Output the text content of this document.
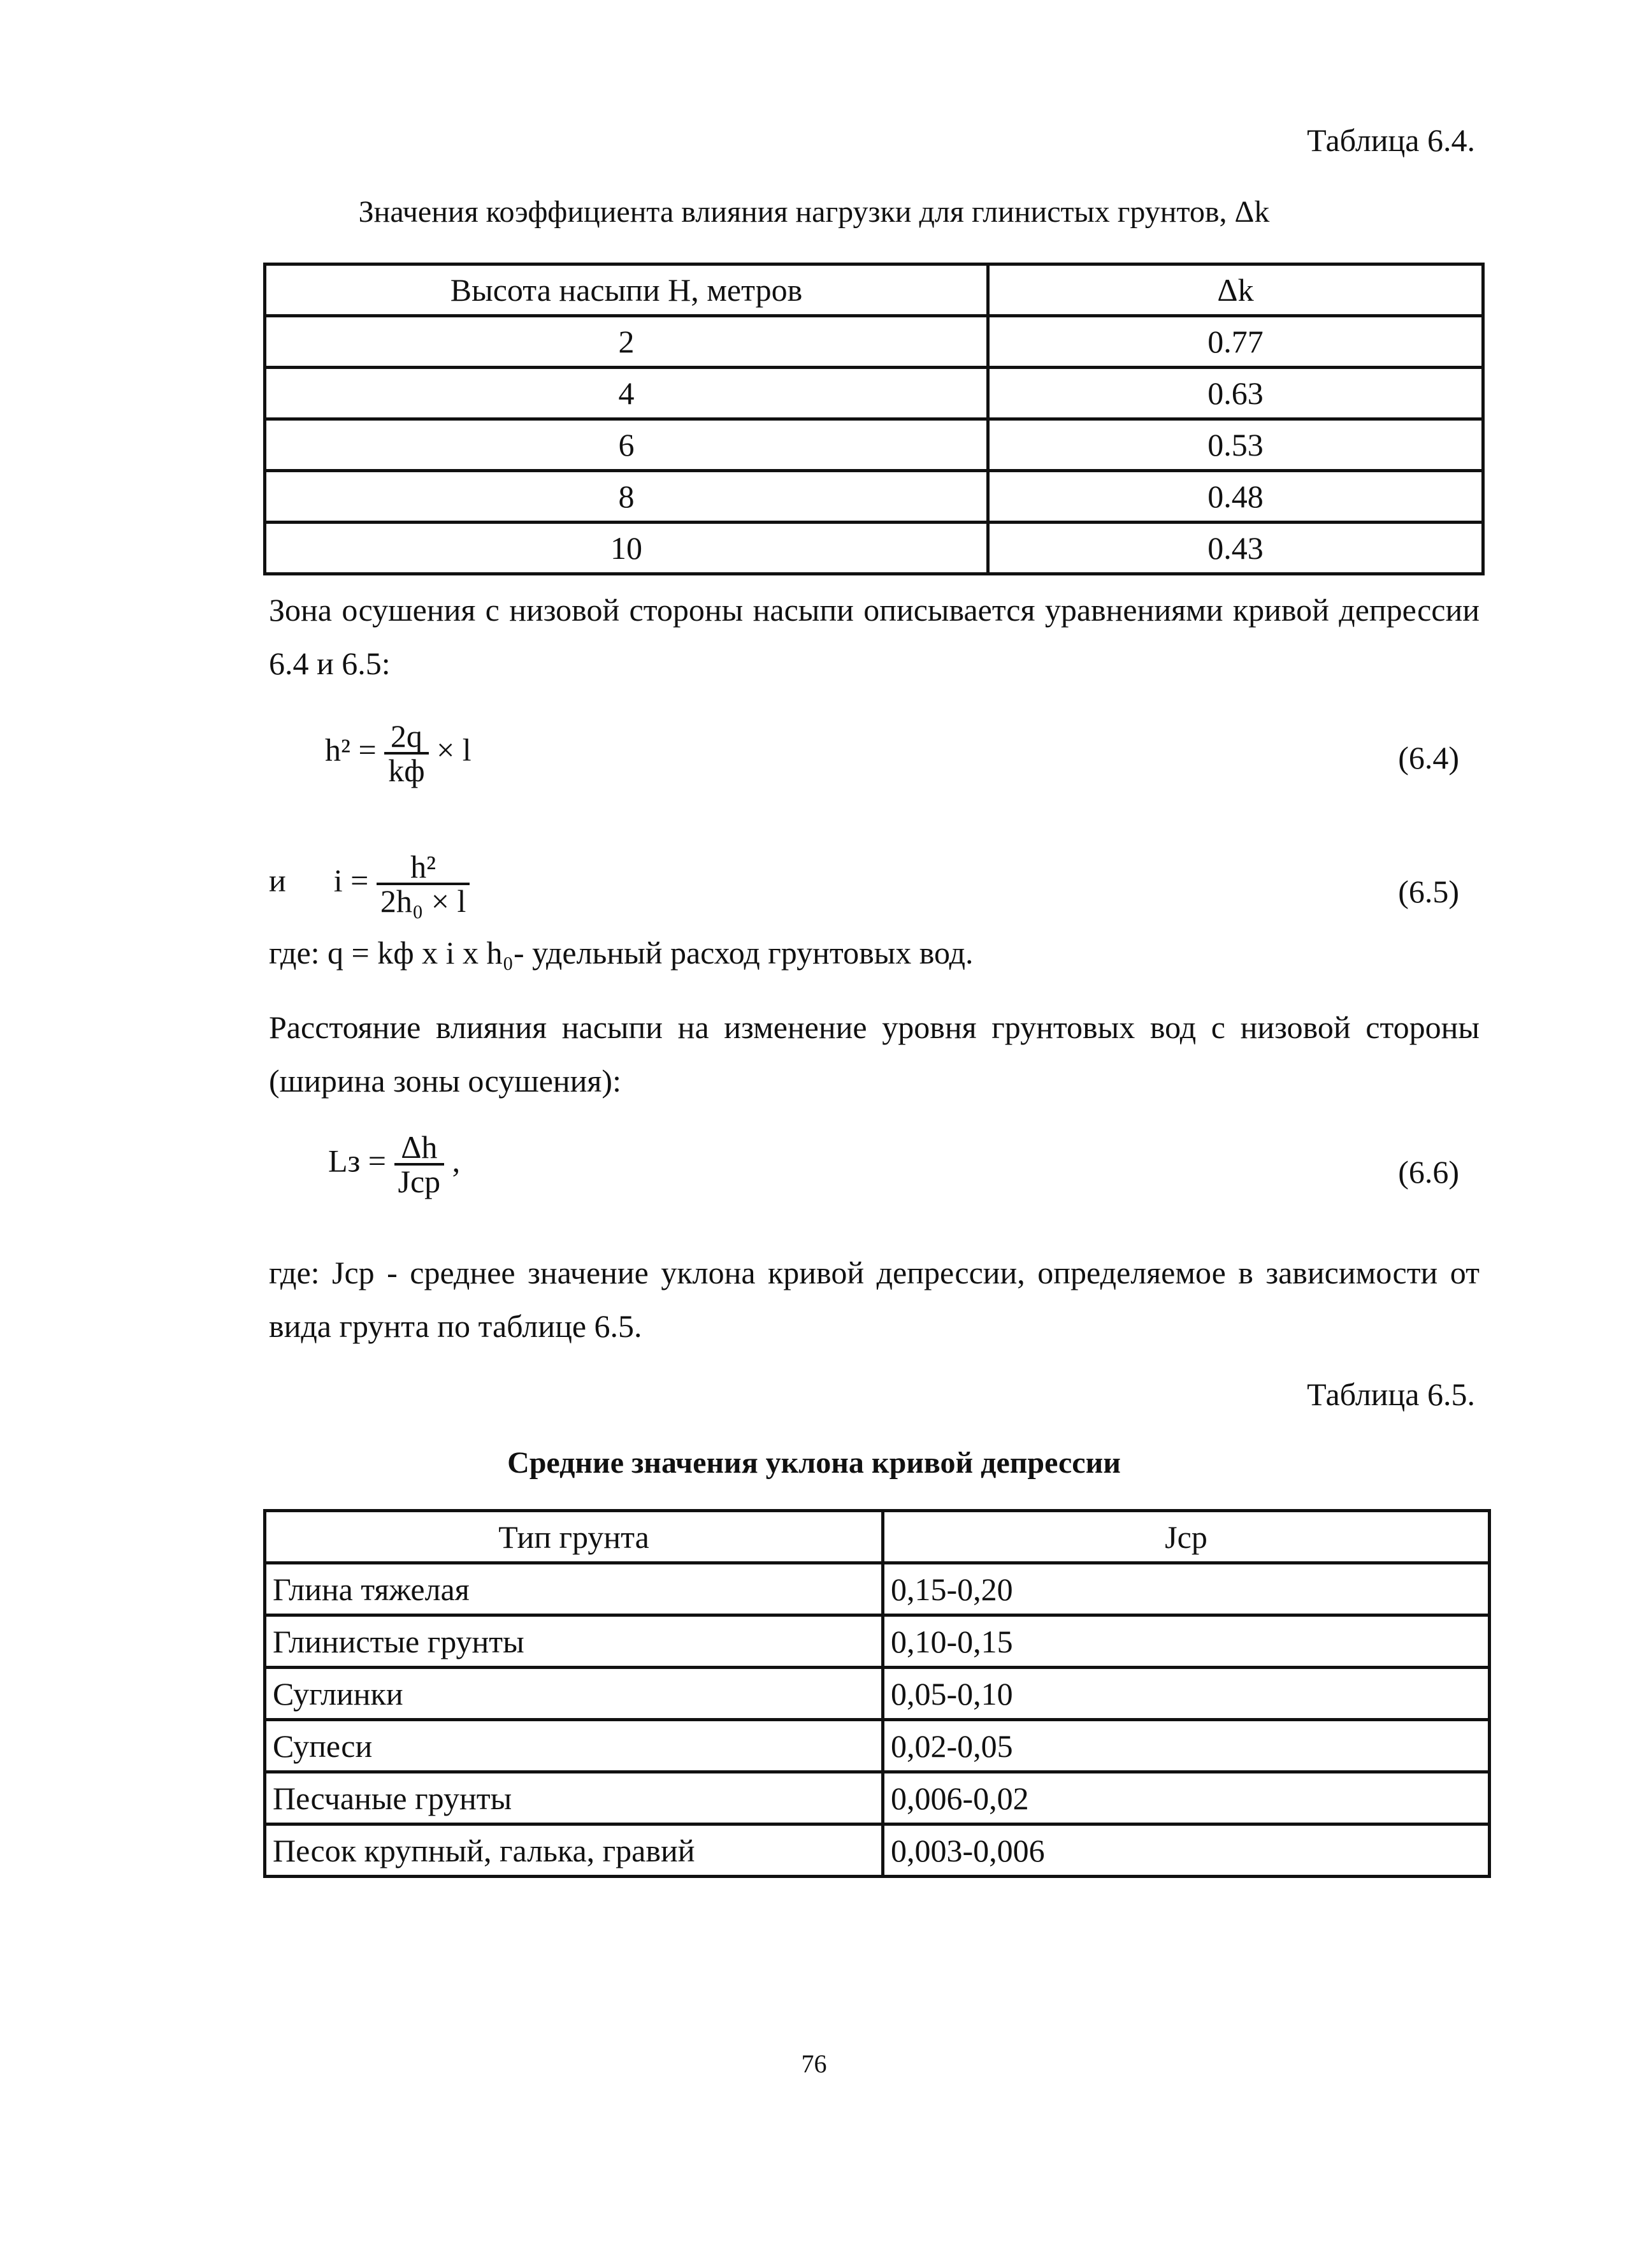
Таблица 6.4.
Значения коэффициента влияния нагрузки для глинистых грунтов, Δk
Высота насыпи H, метров	Δk
2	0.77
4	0.63
6	0.53
8	0.48
10	0.43
Зона осушения с низовой стороны насыпи описывается уравнениями кривой депрессии 6.4 и 6.5:
$h^2 = \frac{2q}{kф} \times l$	(6.4)
и $i = \frac{\text{h²}}{\text{2h₀ × l}}$	(6.5)
где: q = kф x i x h₀- удельный расход грунтовых вод.
Расстояние влияния насыпи на изменение уровня грунтовых вод с низовой стороны (ширина зоны осушения):
Lз = $\frac{\Delta h}{\text{Jср}}$ ,	(6.6)
где: Jср - среднее значение уклона кривой депрессии, определяемое в зависимости от вида грунта по таблице 6.5.
Таблица 6.5.
Средние значения уклона кривой депрессии
Тип грунта	Jср
Глина тяжелая	0,15-0,20
Глинистые грунты	0,10-0,15
Суглинки	0,05-0,10
Супеси	0,02-0,05
Песчаные грунты	0,006-0,02
Песок крупный, галька, гравий	0,003-0,006
76
